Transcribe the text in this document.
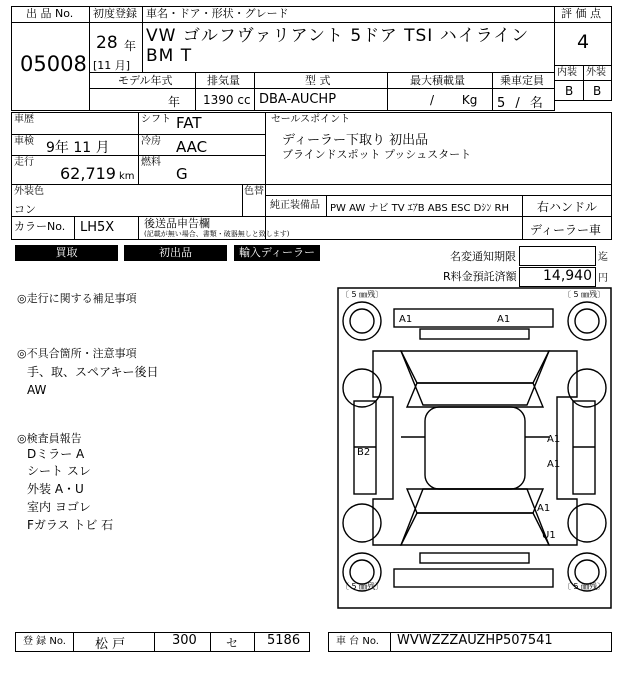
出 品 No.
05008
初度登録 車名・ドア・形状・グレード
28 年
[11 月]
VW ゴルフヴァリアント 5ドア TSI ハイライン BM T
モデル年式	排気量	型 式	最大積載量	乗車定員
年 1390 cc DBA-AUCHP	/ Kg 5 / 名
評 価 点
4
内装 外装
B B
車歴
車検 9年 11 月
走行
62,719 km
シフト FAT
冷房 AAC
燃料
G
セールスポイント
ディーラー下取り 初出品
ブラインドスポット プッシュスタート
外装色
コン
色替
純正装備品 PW AW ナビ TV ｴｱB ABS ESC Dｼﾝ RH 右ハンドル
カラーNo. LH5X	後送品申告欄
(記載が無い場合、書類・破器無しと致します)	ディーラー車
買取	初出品	輸入ディーラー	名変通知期限	迄
R料金預託済額 14,940 円
◎走行に関する補足事項
◎不具合箇所・注意事項
手、取、スペアキー後日
AW
◎検査員報告
Dミラー A
シート スレ
外装 A・U
室内 ヨゴレ
Fガラス トビ 石
〔 5 ㎜残〕	〔 5 ㎜残〕
〔 5 ㎜残〕	〔 5 ㎜残〕
A1	A1
B2
A1
A1
A1
U1
登 録 No. 松 戸	300 セ 5186	車 台 No. WVWZZZAUZHP507541
